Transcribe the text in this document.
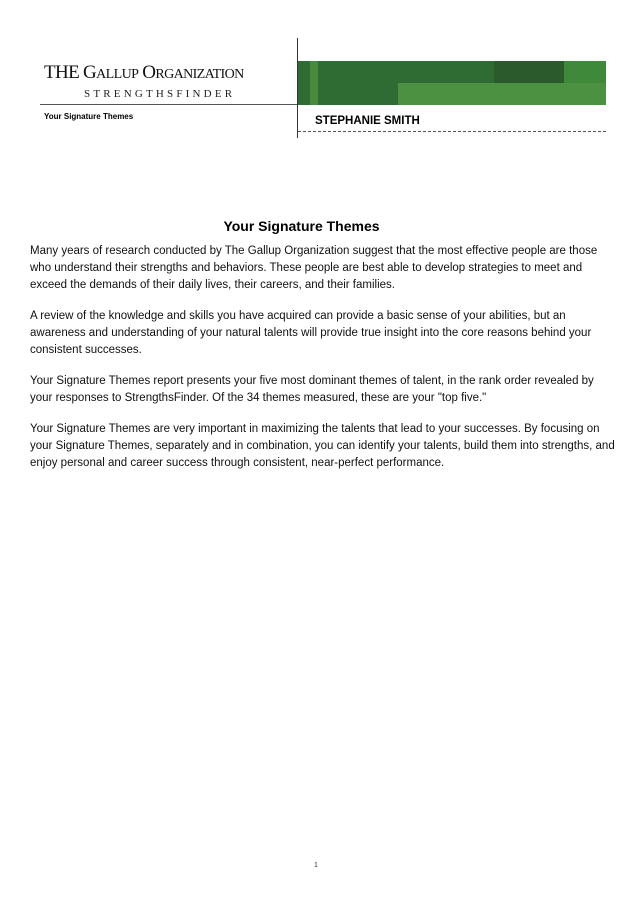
THE GALLUP ORGANIZATION
STRENGTHSFINDER
Your Signature Themes	STEPHANIE SMITH
Your Signature Themes

Many years of research conducted by The Gallup Organization suggest that the most effective people are those who understand their strengths and behaviors. These people are best able to develop strategies to meet and exceed the demands of their daily lives, their careers, and their families.

A review of the knowledge and skills you have acquired can provide a basic sense of your abilities, but an awareness and understanding of your natural talents will provide true insight into the core reasons behind your consistent successes.

Your Signature Themes report presents your five most dominant themes of talent, in the rank order revealed by your responses to StrengthsFinder. Of the 34 themes measured, these are your "top five."

Your Signature Themes are very important in maximizing the talents that lead to your successes. By focusing on your Signature Themes, separately and in combination, you can identify your talents, build them into strengths, and enjoy personal and career success through consistent, near-perfect performance.

1
